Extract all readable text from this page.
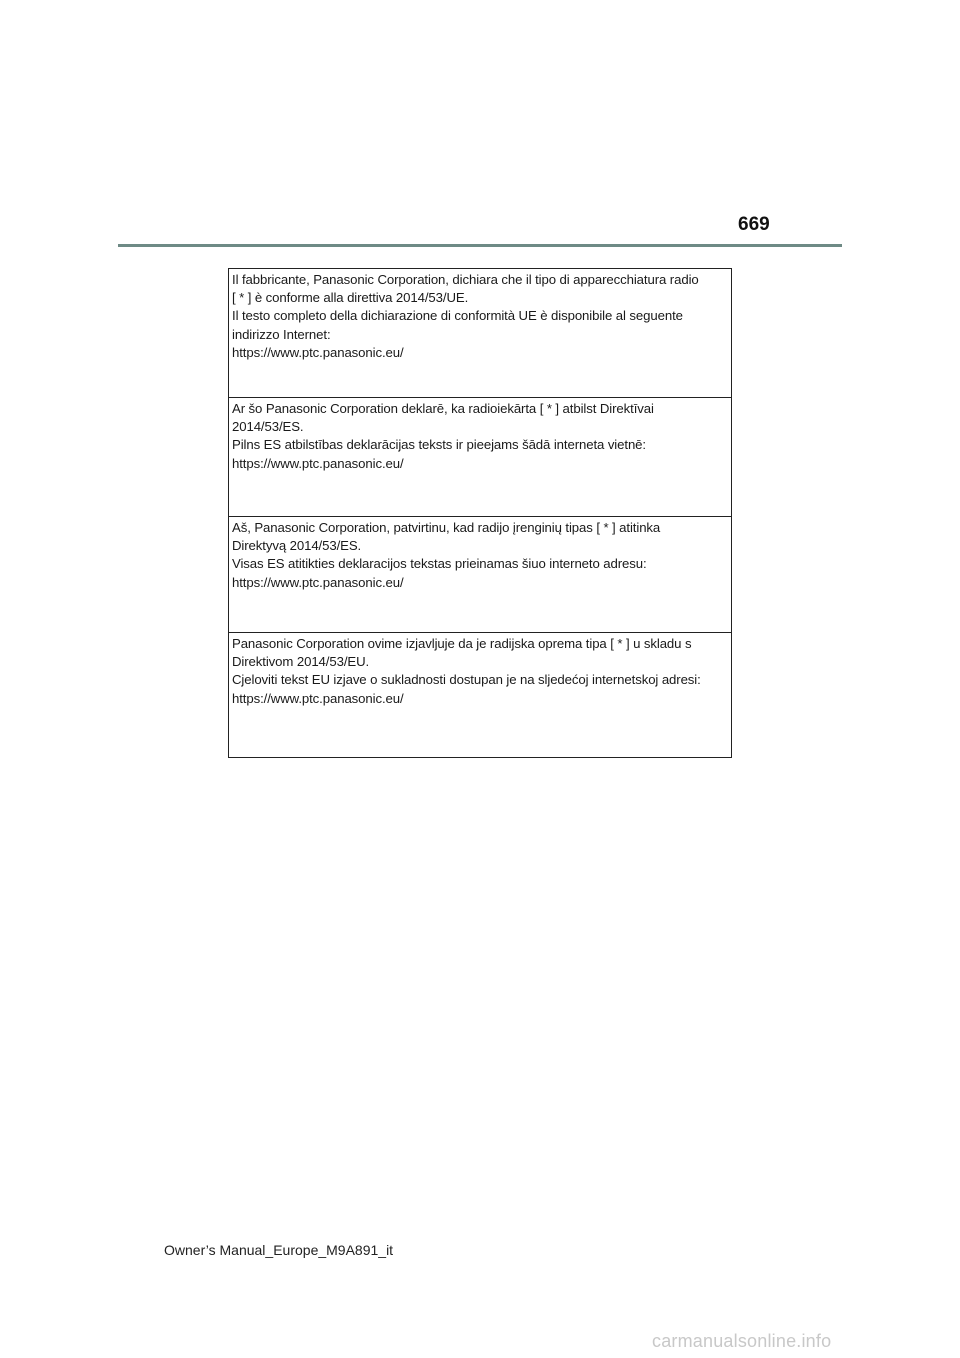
669
Il fabbricante, Panasonic Corporation, dichiara che il tipo di apparecchiatura radio
[ * ] è conforme alla direttiva 2014/53/UE.
Il testo completo della dichiarazione di conformità UE è disponibile al seguente
indirizzo Internet:
https://www.ptc.panasonic.eu/
Ar šo Panasonic Corporation deklarē, ka radioiekārta [ * ] atbilst Direktīvai
2014/53/ES.
Pilns ES atbilstības deklarācijas teksts ir pieejams šādā interneta vietnē:
https://www.ptc.panasonic.eu/
Aš, Panasonic Corporation, patvirtinu, kad radijo įrenginių tipas [ * ] atitinka
Direktyvą 2014/53/ES.
Visas ES atitikties deklaracijos tekstas prieinamas šiuo interneto adresu:
https://www.ptc.panasonic.eu/
Panasonic Corporation ovime izjavljuje da je radijska oprema tipa [ * ] u skladu s
Direktivom 2014/53/EU.
Cjeloviti tekst EU izjave o sukladnosti dostupan je na sljedećoj internetskoj adresi:
https://www.ptc.panasonic.eu/
Owner’s Manual_Europe_M9A891_it
carmanualsonline.info
